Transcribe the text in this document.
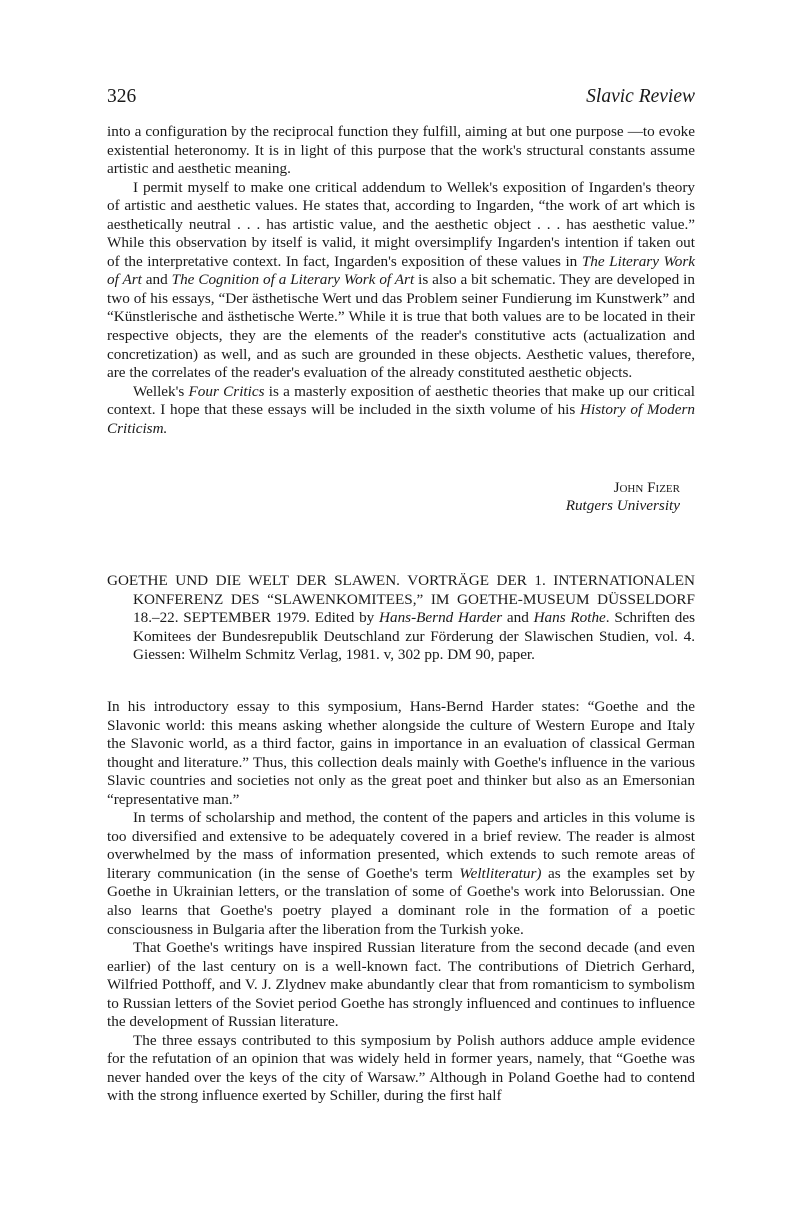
326	Slavic Review

into a configuration by the reciprocal function they fulfill, aiming at but one purpose —to evoke existential heteronomy. It is in light of this purpose that the work's structural constants assume artistic and aesthetic meaning.

I permit myself to make one critical addendum to Wellek's exposition of Ingarden's theory of artistic and aesthetic values. He states that, according to Ingarden, “the work of art which is aesthetically neutral . . . has artistic value, and the aesthetic object . . . has aesthetic value.” While this observation by itself is valid, it might oversimplify Ingarden's intention if taken out of the interpretative context. In fact, Ingarden's exposition of these values in The Literary Work of Art and The Cognition of a Literary Work of Art is also a bit schematic. They are developed in two of his essays, “Der ästhetische Wert und das Problem seiner Fundierung im Kunstwerk” and “Künstlerische and ästhetische Werte.” While it is true that both values are to be located in their respective objects, they are the elements of the reader's constitutive acts (actualization and concretization) as well, and as such are grounded in these objects. Aesthetic values, therefore, are the correlates of the reader's evaluation of the already constituted aesthetic objects.

Wellek's Four Critics is a masterly exposition of aesthetic theories that make up our critical context. I hope that these essays will be included in the sixth volume of his History of Modern Criticism.

John Fizer
Rutgers University
GOETHE UND DIE WELT DER SLAWEN. VORTRÄGE DER 1. INTERNATIONALEN KONFERENZ DES “SLAWENKOMITEES,” IM GOETHE-MUSEUM DÜSSELDORF 18.–22. SEPTEMBER 1979. Edited by Hans-Bernd Harder and Hans Rothe. Schriften des Komitees der Bundesrepublik Deutschland zur Förderung der Slawischen Studien, vol. 4. Giessen: Wilhelm Schmitz Verlag, 1981. v, 302 pp. DM 90, paper.

In his introductory essay to this symposium, Hans-Bernd Harder states: “Goethe and the Slavonic world: this means asking whether alongside the culture of Western Europe and Italy the Slavonic world, as a third factor, gains in importance in an evaluation of classical German thought and literature.” Thus, this collection deals mainly with Goethe's influence in the various Slavic countries and societies not only as the great poet and thinker but also as an Emersonian “representative man.”

In terms of scholarship and method, the content of the papers and articles in this volume is too diversified and extensive to be adequately covered in a brief review. The reader is almost overwhelmed by the mass of information presented, which extends to such remote areas of literary communication (in the sense of Goethe's term Weltliteratur) as the examples set by Goethe in Ukrainian letters, or the translation of some of Goethe's work into Belorussian. One also learns that Goethe's poetry played a dominant role in the formation of a poetic consciousness in Bulgaria after the liberation from the Turkish yoke.

That Goethe's writings have inspired Russian literature from the second decade (and even earlier) of the last century on is a well-known fact. The contributions of Dietrich Gerhard, Wilfried Potthoff, and V. J. Zlydnev make abundantly clear that from romanticism to symbolism to Russian letters of the Soviet period Goethe has strongly influenced and continues to influence the development of Russian literature.

The three essays contributed to this symposium by Polish authors adduce ample evidence for the refutation of an opinion that was widely held in former years, namely, that “Goethe was never handed over the keys of the city of Warsaw.” Although in Poland Goethe had to contend with the strong influence exerted by Schiller, during the first half
